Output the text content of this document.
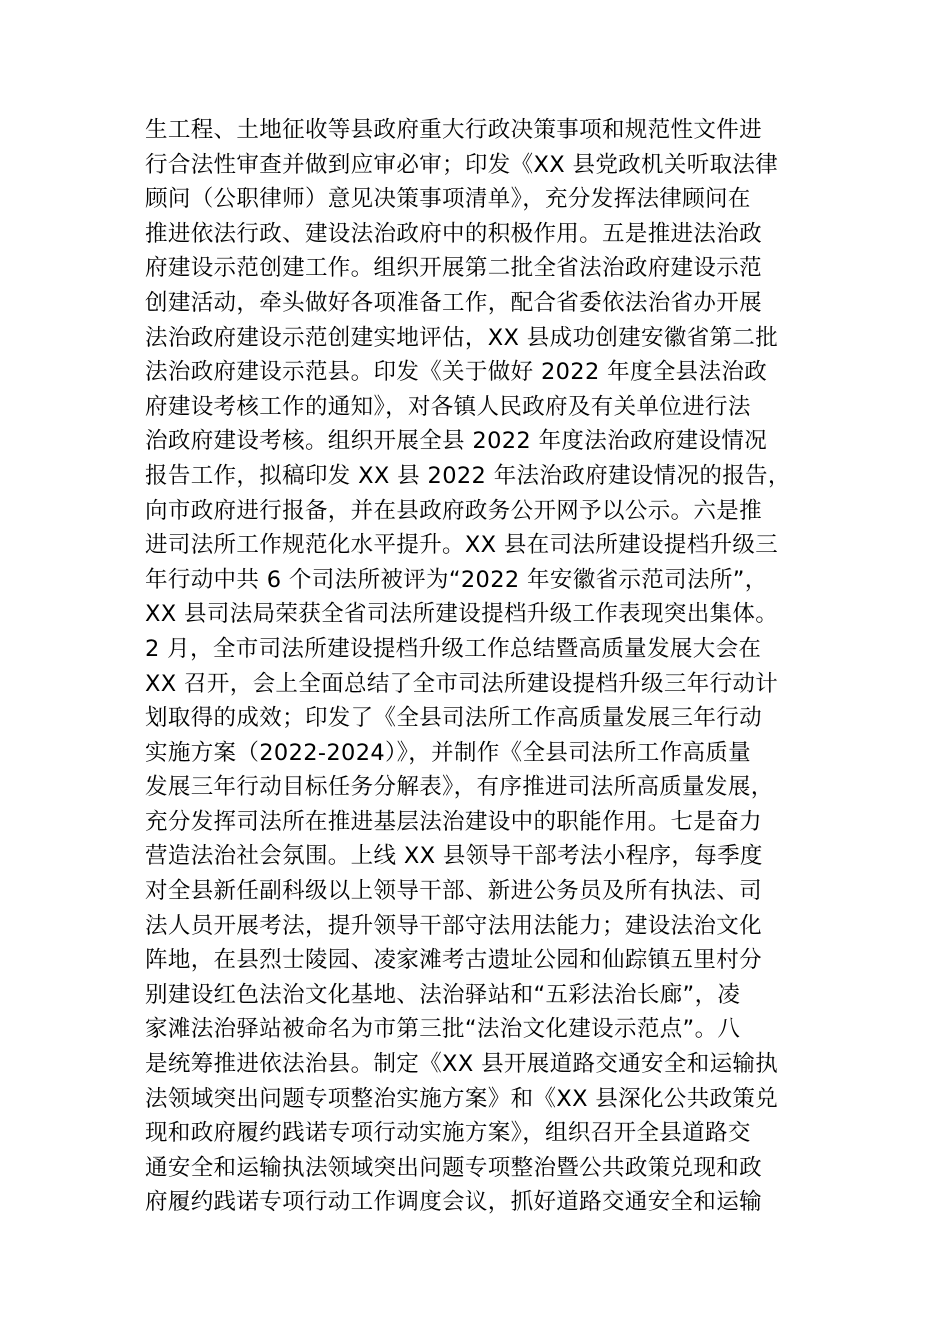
生工程、土地征收等县政府重大行政决策事项和规范性文件进
行合法性审查并做到应审必审；印发《XX 县党政机关听取法律
顾问（公职律师）意见决策事项清单》，充分发挥法律顾问在
推进依法行政、建设法治政府中的积极作用。五是推进法治政
府建设示范创建工作。组织开展第二批全省法治政府建设示范
创建活动，牵头做好各项准备工作，配合省委依法治省办开展
法治政府建设示范创建实地评估，XX 县成功创建安徽省第二批
法治政府建设示范县。印发《关于做好 2022 年度全县法治政
府建设考核工作的通知》，对各镇人民政府及有关单位进行法
治政府建设考核。组织开展全县 2022 年度法治政府建设情况
报告工作，拟稿印发 XX 县 2022 年法治政府建设情况的报告，
向市政府进行报备，并在县政府政务公开网予以公示。六是推
进司法所工作规范化水平提升。XX 县在司法所建设提档升级三
年行动中共 6 个司法所被评为“2022 年安徽省示范司法所”，
XX 县司法局荣获全省司法所建设提档升级工作表现突出集体。
2 月，全市司法所建设提档升级工作总结暨高质量发展大会在
XX 召开，会上全面总结了全市司法所建设提档升级三年行动计
划取得的成效；印发了《全县司法所工作高质量发展三年行动
实施方案（2022-2024）》，并制作《全县司法所工作高质量
发展三年行动目标任务分解表》，有序推进司法所高质量发展，
充分发挥司法所在推进基层法治建设中的职能作用。七是奋力
营造法治社会氛围。上线 XX 县领导干部考法小程序，每季度
对全县新任副科级以上领导干部、新进公务员及所有执法、司
法人员开展考法，提升领导干部守法用法能力；建设法治文化
阵地，在县烈士陵园、凌家滩考古遗址公园和仙踪镇五里村分
别建设红色法治文化基地、法治驿站和“五彩法治长廊”，凌
家滩法治驿站被命名为市第三批“法治文化建设示范点”。八
是统筹推进依法治县。制定《XX 县开展道路交通安全和运输执
法领域突出问题专项整治实施方案》和《XX 县深化公共政策兑
现和政府履约践诺专项行动实施方案》，组织召开全县道路交
通安全和运输执法领域突出问题专项整治暨公共政策兑现和政
府履约践诺专项行动工作调度会议，抓好道路交通安全和运输
